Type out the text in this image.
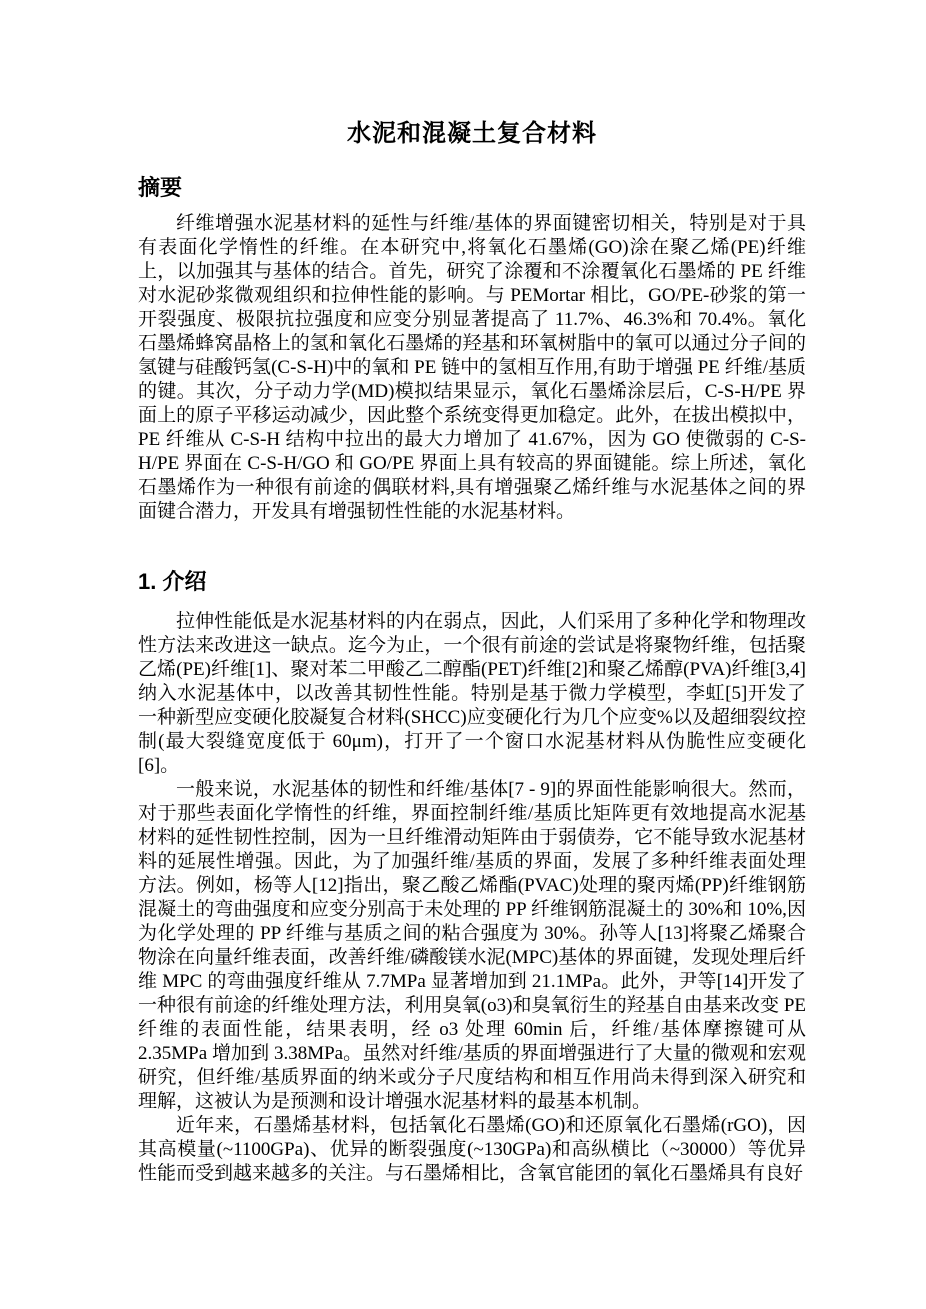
水泥和混凝土复合材料
摘要

纤维增强水泥基材料的延性与纤维/基体的界面键密切相关，特别是对于具有表面化学惰性的纤维。在本研究中,将氧化石墨烯(GO)涂在聚乙烯(PE)纤维上，以加强其与基体的结合。首先，研究了涂覆和不涂覆氧化石墨烯的 PE 纤维对水泥砂浆微观组织和拉伸性能的影响。与 PEMortar 相比，GO/PE-砂浆的第一开裂强度、极限抗拉强度和应变分别显著提高了 11.7%、46.3%和 70.4%。氧化石墨烯蜂窝晶格上的氢和氧化石墨烯的羟基和环氧树脂中的氧可以通过分子间的氢键与硅酸钙氢(C-S-H)中的氧和 PE 链中的氢相互作用,有助于增强 PE 纤维/基质的键。其次，分子动力学(MD)模拟结果显示，氧化石墨烯涂层后，C-S-H/PE 界面上的原子平移运动减少，因此整个系统变得更加稳定。此外，在拔出模拟中，PE 纤维从 C-S-H 结构中拉出的最大力增加了 41.67%，因为 GO 使微弱的 C-S-H/PE 界面在 C-S-H/GO 和 GO/PE 界面上具有较高的界面键能。综上所述，氧化石墨烯作为一种很有前途的偶联材料,具有增强聚乙烯纤维与水泥基体之间的界面键合潜力，开发具有增强韧性性能的水泥基材料。

1. 介绍

拉伸性能低是水泥基材料的内在弱点，因此，人们采用了多种化学和物理改性方法来改进这一缺点。迄今为止，一个很有前途的尝试是将聚物纤维，包括聚乙烯(PE)纤维[1]、聚对苯二甲酸乙二醇酯(PET)纤维[2]和聚乙烯醇(PVA)纤维[3,4]纳入水泥基体中，以改善其韧性性能。特别是基于微力学模型，李虹[5]开发了一种新型应变硬化胶凝复合材料(SHCC)应变硬化行为几个应变%以及超细裂纹控制(最大裂缝宽度低于 60μm)，打开了一个窗口水泥基材料从伪脆性应变硬化[6]。

一般来说，水泥基体的韧性和纤维/基体[7 - 9]的界面性能影响很大。然而，对于那些表面化学惰性的纤维，界面控制纤维/基质比矩阵更有效地提高水泥基材料的延性韧性控制，因为一旦纤维滑动矩阵由于弱债券，它不能导致水泥基材料的延展性增强。因此，为了加强纤维/基质的界面，发展了多种纤维表面处理方法。例如，杨等人[12]指出，聚乙酸乙烯酯(PVAC)处理的聚丙烯(PP)纤维钢筋混凝土的弯曲强度和应变分别高于未处理的 PP 纤维钢筋混凝土的 30%和 10%,因为化学处理的 PP 纤维与基质之间的粘合强度为 30%。孙等人[13]将聚乙烯聚合物涂在向量纤维表面，改善纤维/磷酸镁水泥(MPC)基体的界面键，发现处理后纤维 MPC 的弯曲强度纤维从 7.7MPa 显著增加到 21.1MPa。此外，尹等[14]开发了一种很有前途的纤维处理方法，利用臭氧(o3)和臭氧衍生的羟基自由基来改变 PE 纤维的表面性能，结果表明，经 o3 处理 60min 后，纤维/基体摩擦键可从 2.35MPa 增加到 3.38MPa。虽然对纤维/基质的界面增强进行了大量的微观和宏观研究，但纤维/基质界面的纳米或分子尺度结构和相互作用尚未得到深入研究和理解，这被认为是预测和设计增强水泥基材料的最基本机制。

近年来，石墨烯基材料，包括氧化石墨烯(GO)和还原氧化石墨烯(rGO)，因其高模量(~1100GPa)、优异的断裂强度(~130GPa)和高纵横比（~30000）等优异性能而受到越来越多的关注。与石墨烯相比，含氧官能团的氧化石墨烯具有良好
